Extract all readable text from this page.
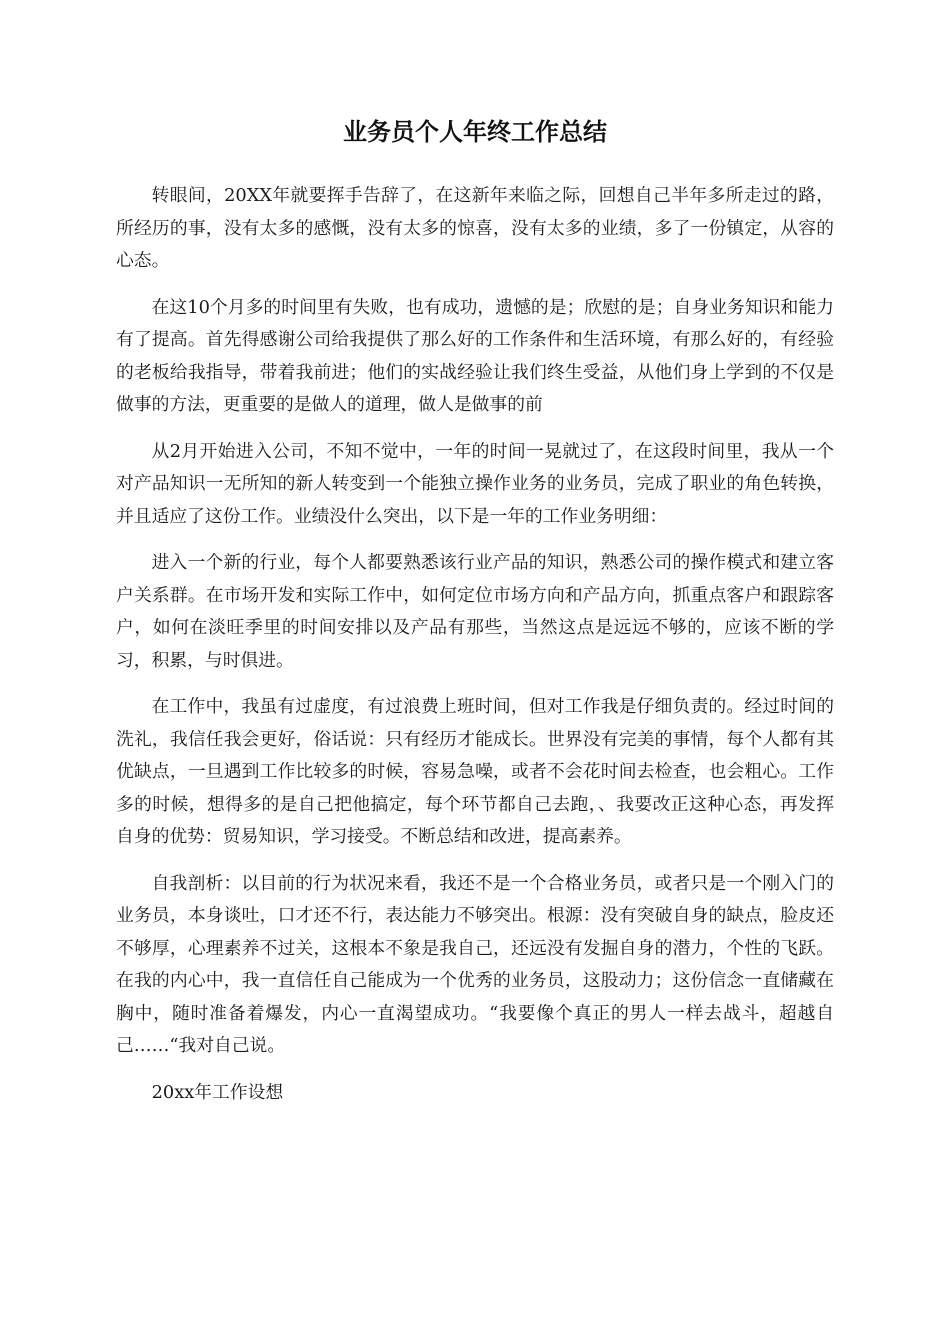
业务员个人年终工作总结

转眼间，20XX年就要挥手告辞了，在这新年来临之际，回想自己半年多所走过的路，所经历的事，没有太多的感慨，没有太多的惊喜，没有太多的业绩，多了一份镇定，从容的心态。

在这10个月多的时间里有失败，也有成功，遗憾的是；欣慰的是；自身业务知识和能力有了提高。首先得感谢公司给我提供了那么好的工作条件和生活环境，有那么好的，有经验的老板给我指导，带着我前进；他们的实战经验让我们终生受益，从他们身上学到的不仅是做事的方法，更重要的是做人的道理，做人是做事的前

从2月开始进入公司，不知不觉中，一年的时间一晃就过了，在这段时间里，我从一个对产品知识一无所知的新人转变到一个能独立操作业务的业务员，完成了职业的角色转换，并且适应了这份工作。业绩没什么突出，以下是一年的工作业务明细：

进入一个新的行业，每个人都要熟悉该行业产品的知识，熟悉公司的操作模式和建立客户关系群。在市场开发和实际工作中，如何定位市场方向和产品方向，抓重点客户和跟踪客户，如何在淡旺季里的时间安排以及产品有那些，当然这点是远远不够的，应该不断的学习，积累，与时俱进。

在工作中，我虽有过虚度，有过浪费上班时间，但对工作我是仔细负责的。经过时间的洗礼，我信任我会更好，俗话说：只有经历才能成长。世界没有完美的事情，每个人都有其优缺点，一旦遇到工作比较多的时候，容易急噪，或者不会花时间去检查，也会粗心。工作多的时候，想得多的是自己把他搞定，每个环节都自己去跑，、我要改正这种心态，再发挥自身的优势：贸易知识，学习接受。不断总结和改进，提高素养。

自我剖析：以目前的行为状况来看，我还不是一个合格业务员，或者只是一个刚入门的业务员，本身谈吐，口才还不行，表达能力不够突出。根源：没有突破自身的缺点，脸皮还不够厚，心理素养不过关，这根本不象是我自己，还远没有发掘自身的潜力，个性的飞跃。在我的内心中，我一直信任自己能成为一个优秀的业务员，这股动力；这份信念一直储藏在胸中，随时准备着爆发，内心一直渴望成功。“我要像个真正的男人一样去战斗，超越自己……“我对自己说。

20xx年工作设想
